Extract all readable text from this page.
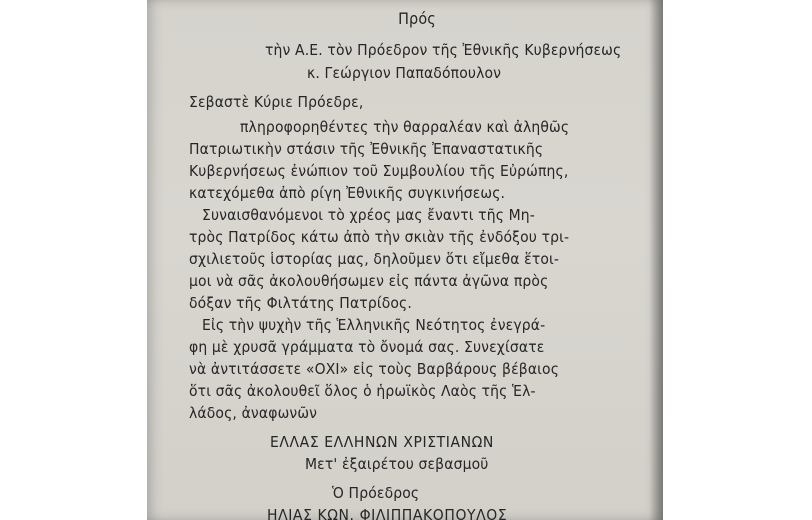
Πρός

τὴν Α.Ε. τὸν Πρόεδρον τῆς Ἐθνικῆς Κυβερνήσεως

κ. Γεώργιον Παπαδόπουλον

Σεβαστὲ Κύριε Πρόεδρε,

πληροφορηθέντες τὴν θαρραλέαν καὶ ἀληθῶς

Πατριωτικὴν στάσιν τῆς Ἐθνικῆς Ἐπαναστατικῆς

Κυβερνήσεως ἐνώπιον τοῦ Συμβουλίου τῆς Εὐρώπης,

κατεχόμεθα ἀπὸ ρίγη Ἐθνικῆς συγκινήσεως.

Συναισθανόμενοι τὸ χρέος μας ἔναντι τῆς Μη-

τρὸς Πατρίδος κάτω ἀπὸ τὴν σκιὰν τῆς ἐνδόξου τρι-

σχιλιετοῦς ἱστορίας μας, δηλοῦμεν ὅτι εἴμεθα ἕτοι-

μοι νὰ σᾶς ἀκολουθήσωμεν εἰς πάντα ἀγῶνα πρὸς

δόξαν τῆς Φιλτάτης Πατρίδος.

Εἰς τὴν ψυχὴν τῆς Ἑλληνικῆς Νεότητος ἐνεγρά-

φη μὲ χρυσᾶ γράμματα τὸ ὄνομά σας. Συνεχίσατε

νὰ ἀντιτάσσετε «ΟΧΙ» εἰς τοὺς Βαρβάρους βέβαιος

ὅτι σᾶς ἀκολουθεῖ ὅλος ὁ ἡρωϊκὸς Λαὸς τῆς Ἑλ-

λάδος, ἀναφωνῶν

ΕΛΛΑΣ ΕΛΛΗΝΩΝ ΧΡΙΣΤΙΑΝΩΝ

Μετ' ἐξαιρέτου σεβασμοῦ

Ὁ Πρόεδρος

ΗΛΙΑΣ ΚΩΝ. ΦΙΛΙΠΠΑΚΟΠΟΥΛΟΣ
